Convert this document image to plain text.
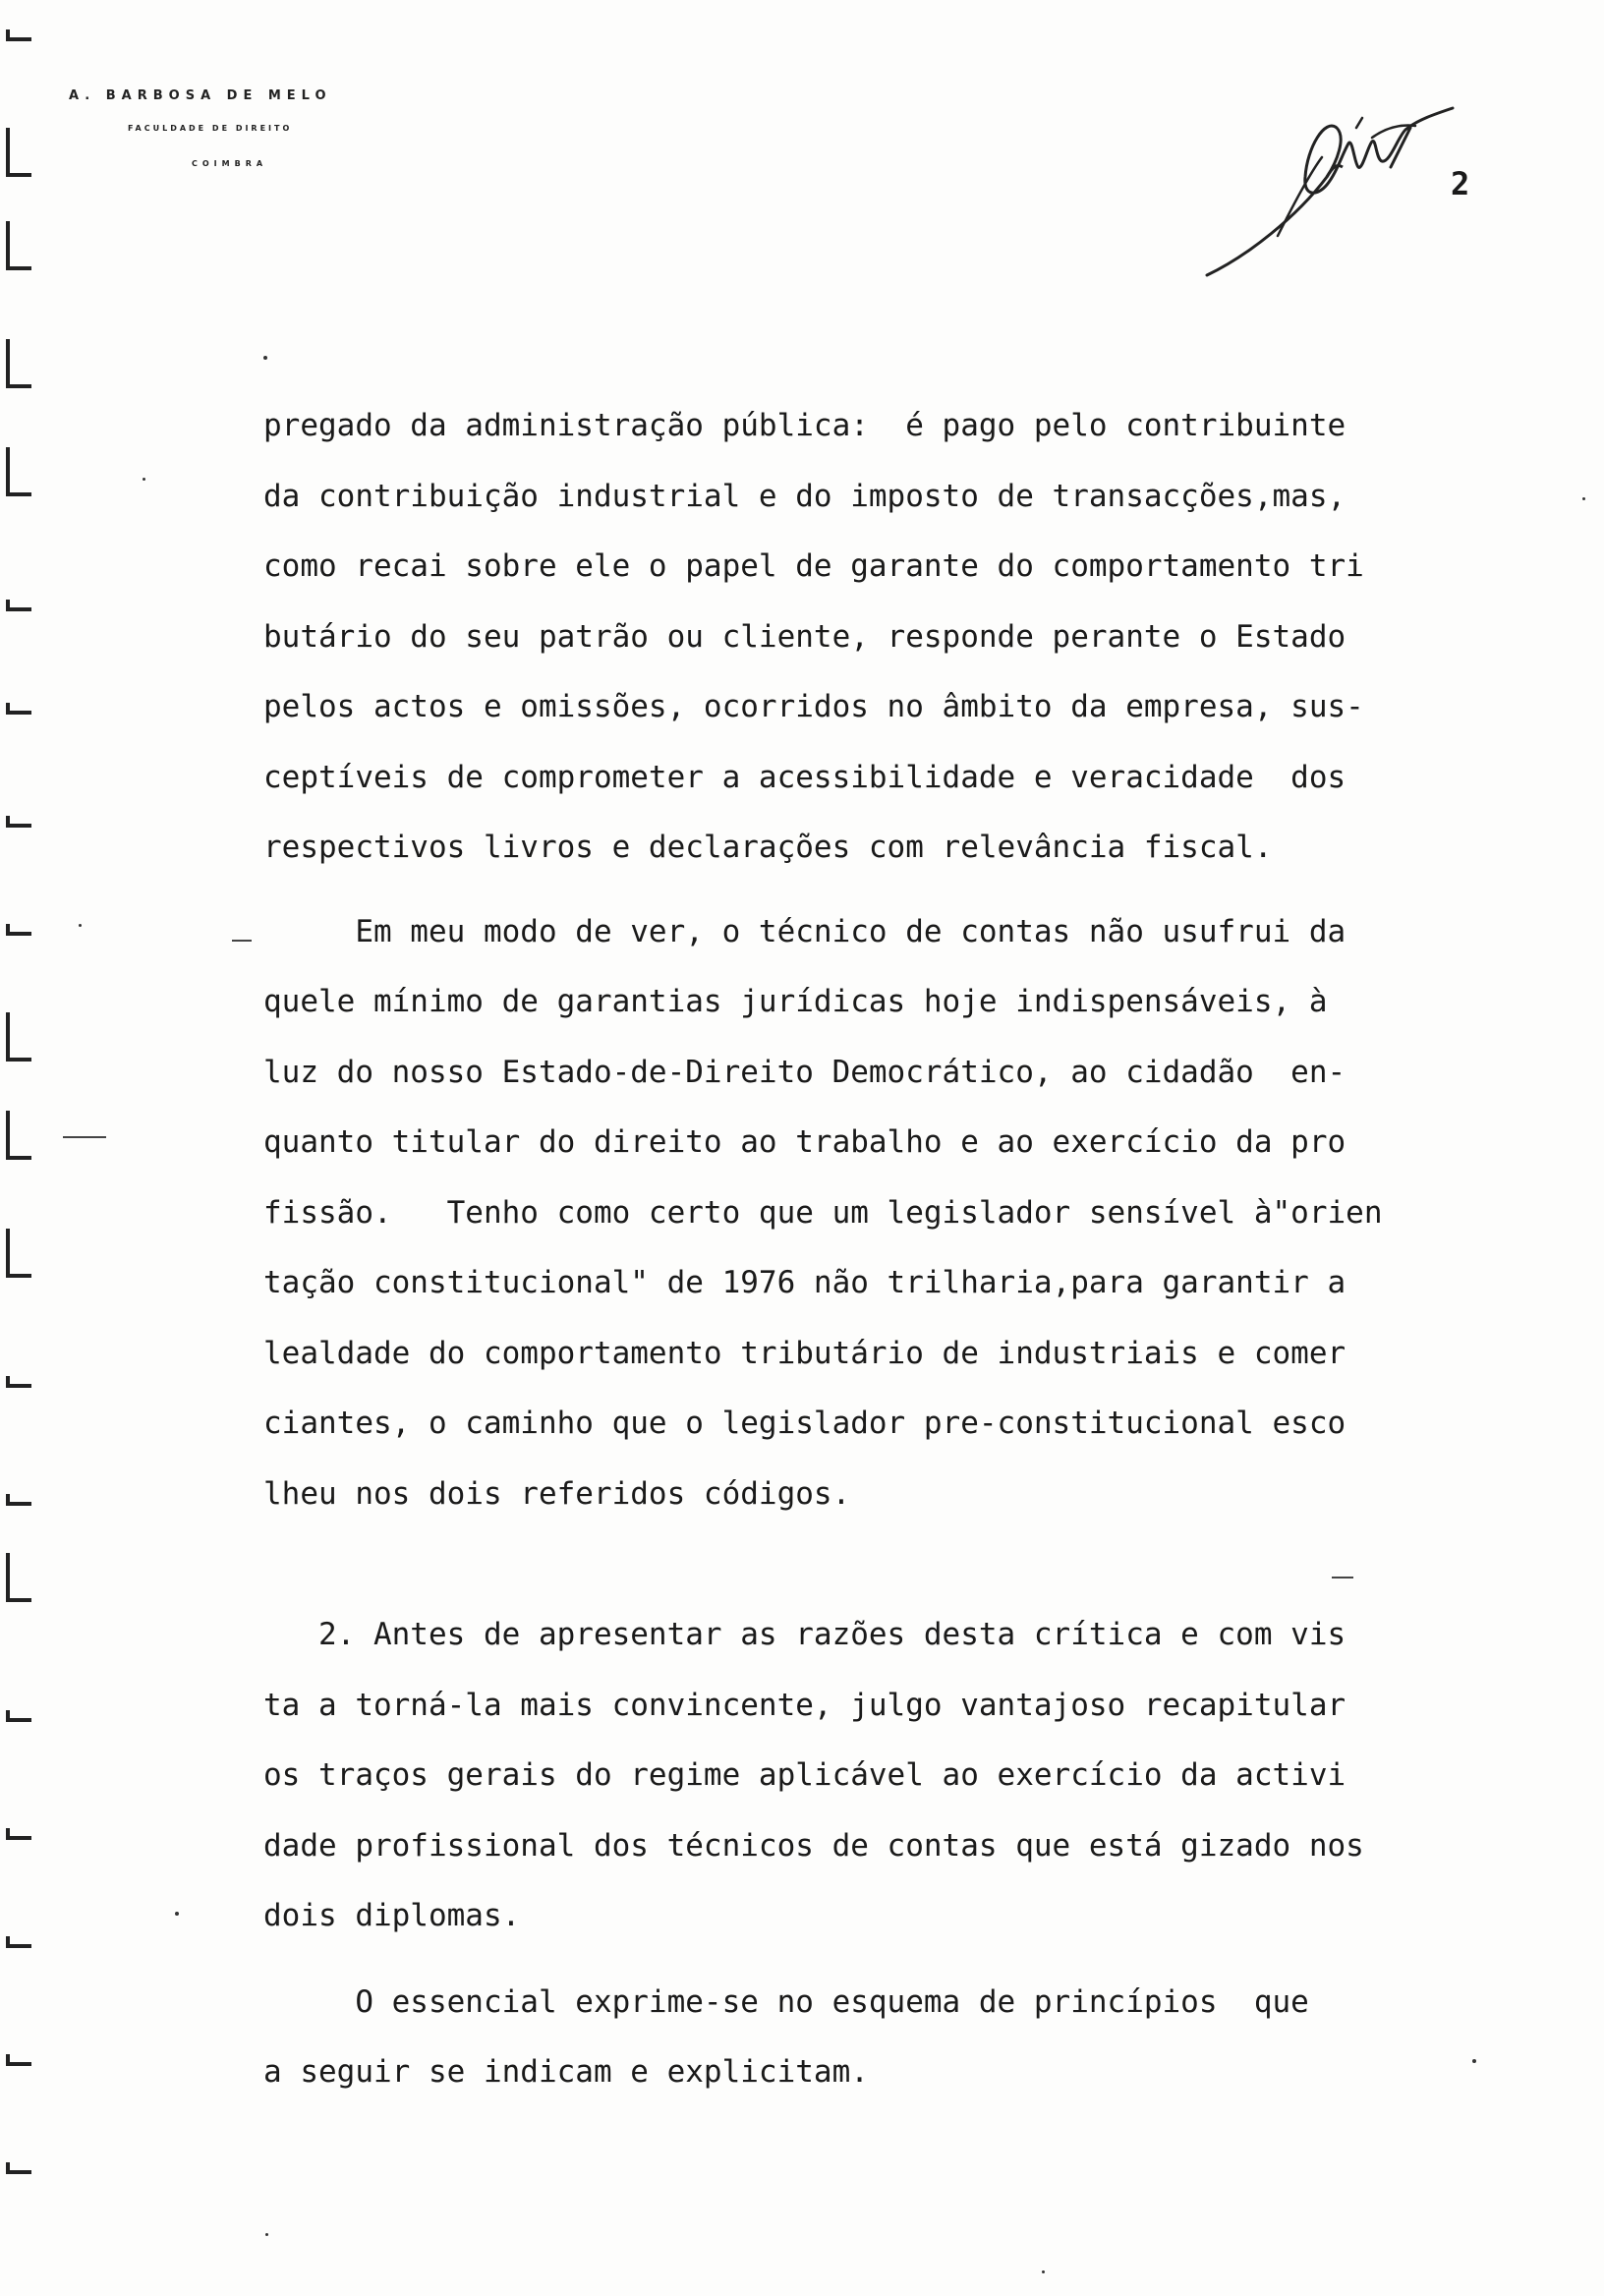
A. BARBOSA DE MELO
FACULDADE DE DIREITO
COIMBRA
2
pregado da administração pública:  é pago pelo contribuinte
da contribuição industrial e do imposto de transacções,mas,
como recai sobre ele o papel de garante do comportamento tri
butário do seu patrão ou cliente, responde perante o Estado
pelos actos e omissões, ocorridos no âmbito da empresa, sus-
ceptíveis de comprometer a acessibilidade e veracidade  dos
respectivos livros e declarações com relevância fiscal.
Em meu modo de ver, o técnico de contas não usufrui da
quele mínimo de garantias jurídicas hoje indispensáveis, à
luz do nosso Estado-de-Direito Democrático, ao cidadão  en-
quanto titular do direito ao trabalho e ao exercício da pro
fissão.   Tenho como certo que um legislador sensível à"orien
tação constitucional" de 1976 não trilharia,para garantir a
lealdade do comportamento tributário de industriais e comer
ciantes, o caminho que o legislador pre-constitucional esco
lheu nos dois referidos códigos.
2. Antes de apresentar as razões desta crítica e com vis
ta a torná-la mais convincente, julgo vantajoso recapitular
os traços gerais do regime aplicável ao exercício da activi
dade profissional dos técnicos de contas que está gizado nos
dois diplomas.
O essencial exprime-se no esquema de princípios  que
a seguir se indicam e explicitam.
